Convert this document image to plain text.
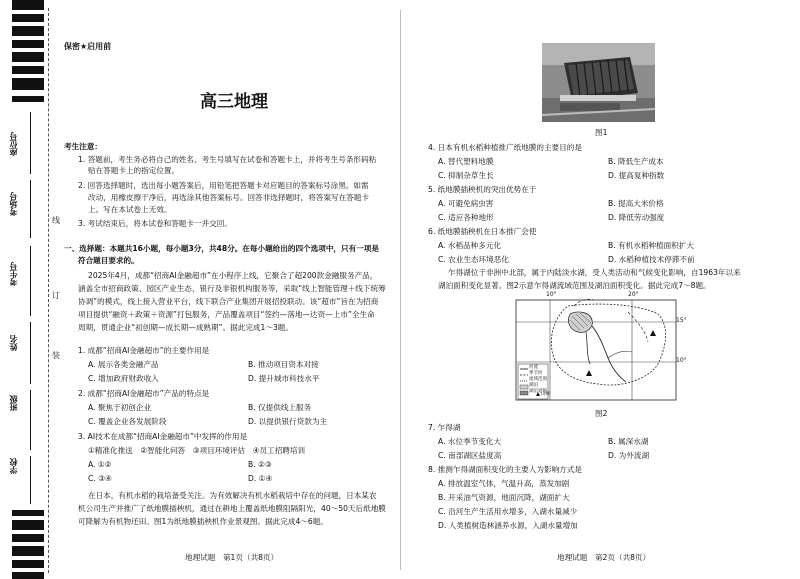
座位号
考场号
考生号
姓名
班级
学校
线
订
装
保密★启用前
高三地理
考生注意：
1. 答题前，考生务必将自己的姓名、考生号填写在试卷和答题卡上，并将考生号条形码粘
贴在答题卡上的指定位置。
2. 回答选择题时，选出每小题答案后，用铅笔把答题卡对应题目的答案标号涂黑。如需
改动，用橡皮擦干净后，再选涂其他答案标号。回答非选择题时，将答案写在答题卡
上。写在本试卷上无效。
3. 考试结束后，将本试卷和答题卡一并交回。
一、选择题：本题共16小题，每小题3分，共48分。在每小题给出的四个选项中，只有一项是
符合题目要求的。
2025年4月，成都“招商AI金融超市”在小程序上线，它聚合了超200款金融服务产品，
涵盖全市招商政策、园区产业生态、银行及非银机构服务等，采取“线上智能管理＋线下统筹
协调”的模式，线上接入营业平台，线下联合产业集团开展招投联动。该“超市”旨在为招商
项目提供“融资＋政策＋资源”打包服务，产品覆盖项目“签约—落地—达资—上市”全生命
周期，贯通企业“初创期—成长期—成熟期”。据此完成1～3题。
1. 成都“招商AI金融超市”的主要作用是
A. 展示各类金融产品	B. 推动项目资本对接
C. 增加政府财政收入	D. 提升城市科技水平
2. 成都“招商AI金融超市”产品的特点是
A. 聚焦于初创企业	B. 仅提供线上服务
C. 覆盖企业各发展阶段	D. 以提供银行贷款为主
3. AI技术在成都“招商AI金融超市”中发挥的作用是
①精准化推送　②智能化问答　③项目环境评估　④员工招聘培训
A. ①②	B. ②③
C. ③④	D. ①④
在日本，有机水稻的栽培备受关注。为有效解决有机水稻栽培中存在的问题，日本某农
机公司生产并推广了纸地膜插秧机，通过在耕地上覆盖纸地膜阻隔阳光，40～50天后纸地膜
可降解为有机物还田。图1为纸地膜插秧机作业景观图。据此完成4～6题。
地理试题　第1页（共8页）
图1
4. 日本有机水稻种植推广纸地膜的主要目的是
A. 替代塑料地膜	B. 降低生产成本
C. 抑制杂草生长	D. 提高复种指数
5. 纸地膜插秧机的突出优势在于
A. 可避免病虫害	B. 提高大米价格
C. 适应各种地形	D. 降低劳动强度
6. 纸地膜插秧机在日本推广会使
A. 水稻品种多元化	B. 有机水稻种植面积扩大
C. 农业生态环境恶化	D. 水稻种植技术停滞不前
乍得湖位于非洲中北部，属于内陆淡水湖，受人类活动和气候变化影响，自1963年以来
湖泊面积变化显著。图2示意乍得湖流域范围及湖泊面积变化。据此完成7～8题。
10°	20°
15°
10°
河流
季节河
流域范围
湖泊
湖泊退缩
山峰
图2
7. 乍得湖
A. 水位季节变化大	B. 属深水湖
C. 南部湖区盐度高	D. 为外流湖
8. 推测乍得湖面积变化的主要人为影响方式是
A. 排放温室气体，气温升高，蒸发加剧
B. 开采油气资源，地面沉降，湖面扩大
C. 沿河生产生活用水增多，入湖水量减少
D. 人类植树造林涵养水源，入湖水量增加
地理试题　第2页（共8页）
